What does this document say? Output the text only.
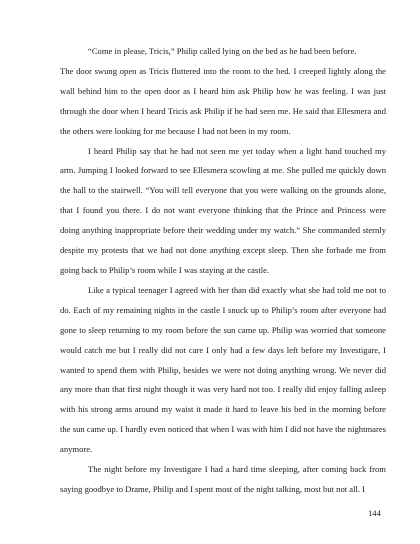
“Come in please, Tricis,” Philip called lying on the bed as he had been before.

The door swung open as Tricis fluttered into the room to the bed. I creeped lightly along the wall behind him to the open door as I heard him ask Philip how he was feeling. I was just through the door when I heard Tricis ask Philip if he had seen me. He said that Ellesmera and the others were looking for me because I had not been in my room.

I heard Philip say that he had not seen me yet today when a light hand touched my arm. Jumping I looked forward to see Ellesmera scowling at me. She pulled me quickly down the hall to the stairwell. “You will tell everyone that you were walking on the grounds alone, that I found you there. I do not want everyone thinking that the Prince and Princess were doing anything inappropriate before their wedding under my watch.” She commanded sternly despite my protests that we had not done anything except sleep. Then she forbade me from going back to Philip’s room while I was staying at the castle.

Like a typical teenager I agreed with her than did exactly what she had told me not to do. Each of my remaining nights in the castle I snuck up to Philip’s room after everyone had gone to sleep returning to my room before the sun came up. Philip was worried that someone would catch me but I really did not care I only had a few days left before my Investigare, I wanted to spend them with Philip, besides we were not doing anything wrong. We never did any more than that first night though it was very hard not too. I really did enjoy falling asleep with his strong arms around my waist it made it hard to leave his bed in the morning before the sun came up. I hardly even noticed that when I was with him I did not have the nightmares anymore.

The night before my Investigare I had a hard time sleeping, after coming back from saying goodbye to Drame, Philip and I spent most of the night talking, most but not all. I

144
